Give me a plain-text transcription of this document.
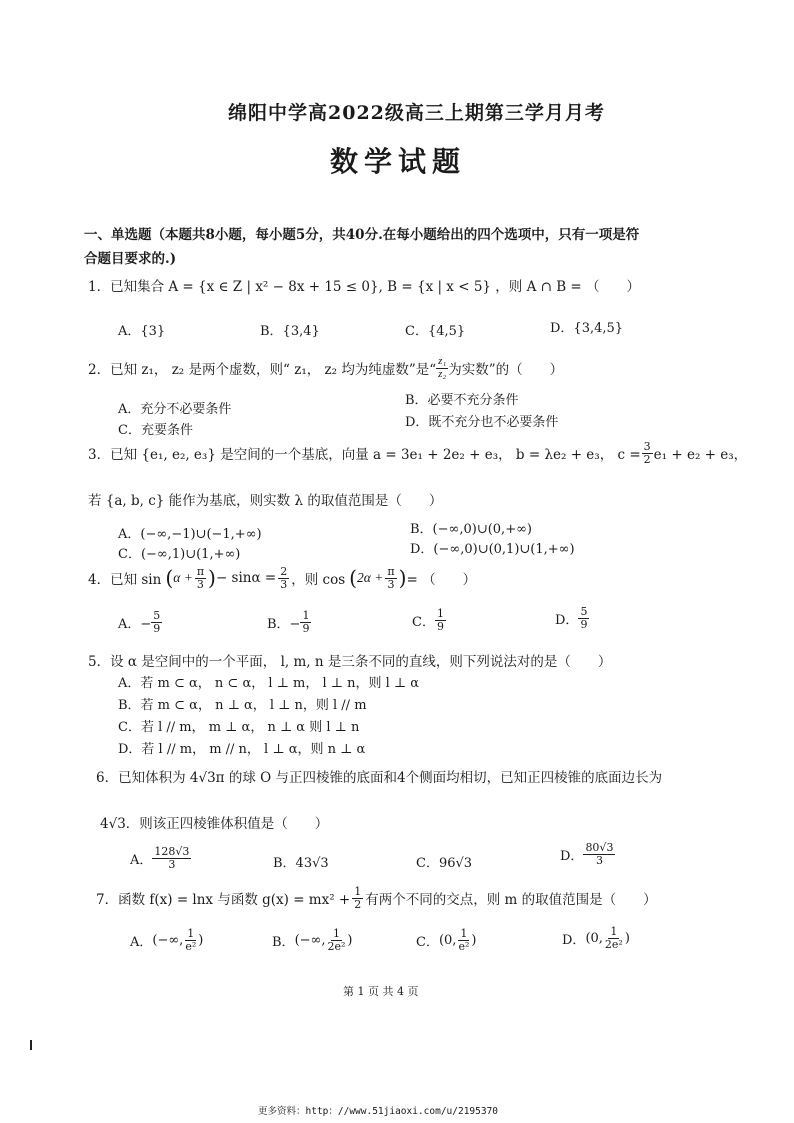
绵阳中学高2022级高三上期第三学月月考
数学试题
一、单选题（本题共8小题，每小题5分，共40分.在每小题给出的四个选项中，只有一项是符
合题目要求的.)
1．已知集合 A = {x ∈ Z | x² − 8x + 15 ≤ 0}, B = {x | x < 5} ，则 A ∩ B = （　　）
A．{3}	B．{3,4}	C．{4,5}	D．{3,4,5}
2．已知 z₁， z₂ 是两个虚数，则“ z₁， z₂ 均为纯虚数”是“ $\frac{\text{z₁}}{\text{z₂}}$ 为实数”的（　　）
A．充分不必要条件
B．必要不充分条件
C．充要条件
D．既不充分也不必要条件
3．已知 {e₁, e₂, e₃} 是空间的一个基底，向量 a = 3e₁ + 2e₂ + e₃， b = λe₂ + e₃， $c = \frac{3}{2} e_1 + e_2 + e_3$，
若 {a, b, c} 能作为基底，则实数 λ 的取值范围是（　　）
A．(−∞,−1)∪(−1,+∞)	B．(−∞,0)∪(0,+∞)
C．(−∞,1)∪(1,+∞)	D．(−∞,0)∪(0,1)∪(1,+∞)
4．已知 sin ( $\alpha + \frac{\pi}{3}$ ) − $\sin\alpha = \frac{2}{3}$ ，则 cos ( $2\alpha + \frac{\pi}{3}$ ) = （　　）
A．− $\frac{5}{9}$	B．− $\frac{1}{9}$	C． $\frac{1}{9}$	D． $\frac{5}{9}$
5．设 α 是空间中的一个平面， l, m, n 是三条不同的直线，则下列说法对的是（　　）
A．若 m ⊂ α， n ⊂ α， l ⊥ m， l ⊥ n，则 l ⊥ α
B．若 m ⊂ α， n ⊥ α， l ⊥ n，则 l // m
C．若 l // m， m ⊥ α， n ⊥ α 则 l ⊥ n
D．若 l // m， m // n， l ⊥ α，则 n ⊥ α
6．已知体积为 4√3π 的球 O 与正四棱锥的底面和4个侧面均相切，已知正四棱锥的底面边长为
4√3．则该正四棱锥体积值是（　　）
A． $\frac{128√3}{3}$	B．43√3	C．96√3	D． $\frac{80√3}{3}$
7．函数 f(x) = lnx 与函数 $g(x) = mx^2 + \frac{1}{2}$ 有两个不同的交点，则 m 的取值范围是（　　）
A． (−∞, $\frac{1}{\text{e²}}$ )	B． (−∞, $\frac{1}{\text{2e²}}$ )	C． (0, $\frac{1}{\text{e²}}$ )	D． (0, $\frac{1}{\text{2e²}}$ )
第 1 页 共 4 页
更多资料：http：//www.51jiaoxi.com/u/2195370
